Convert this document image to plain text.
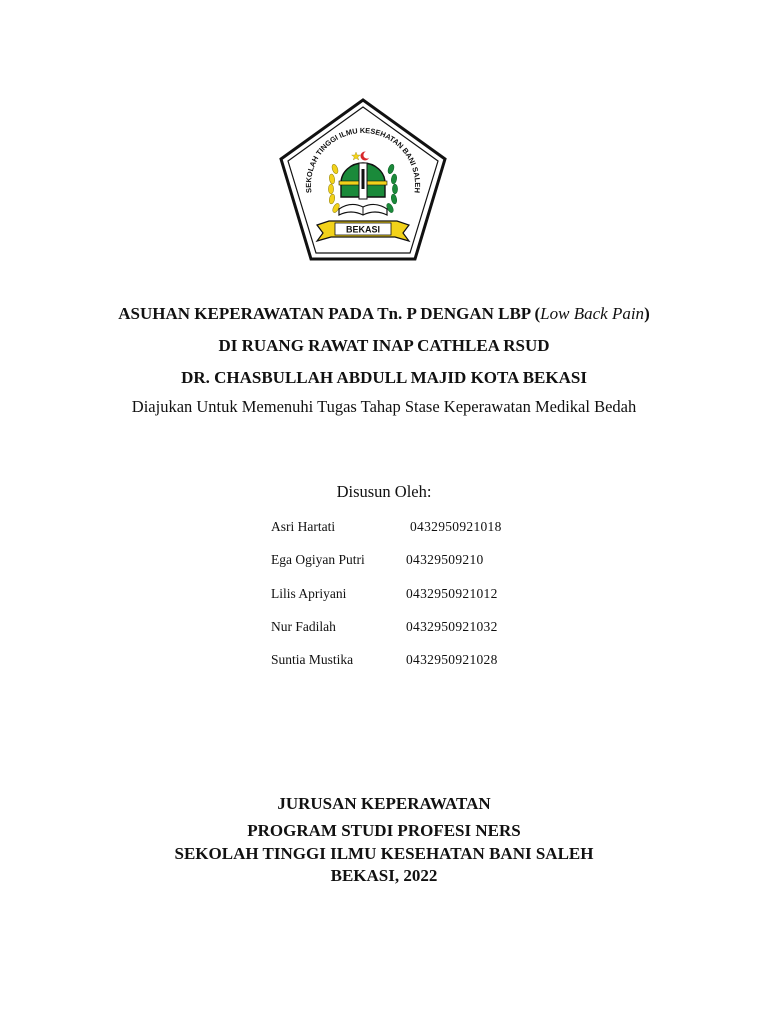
SEKOLAH TINGGI ILMU KESEHATAN BANI SALEH
BEKASI
ASUHAN KEPERAWATAN PADA Tn. P DENGAN LBP (Low Back Pain)
DI RUANG RAWAT INAP CATHLEA RSUD
DR. CHASBULLAH ABDULL MAJID KOTA BEKASI
Diajukan Untuk Memenuhi Tugas Tahap Stase Keperawatan Medikal Bedah
Disusun Oleh:
Asri Hartati	0432950921018
Ega Ogiyan Putri	04329509210
Lilis Apriyani	0432950921012
Nur Fadilah	0432950921032
Suntia Mustika	0432950921028
JURUSAN KEPERAWATAN
PROGRAM STUDI PROFESI NERS
SEKOLAH TINGGI ILMU KESEHATAN BANI SALEH
BEKASI, 2022
